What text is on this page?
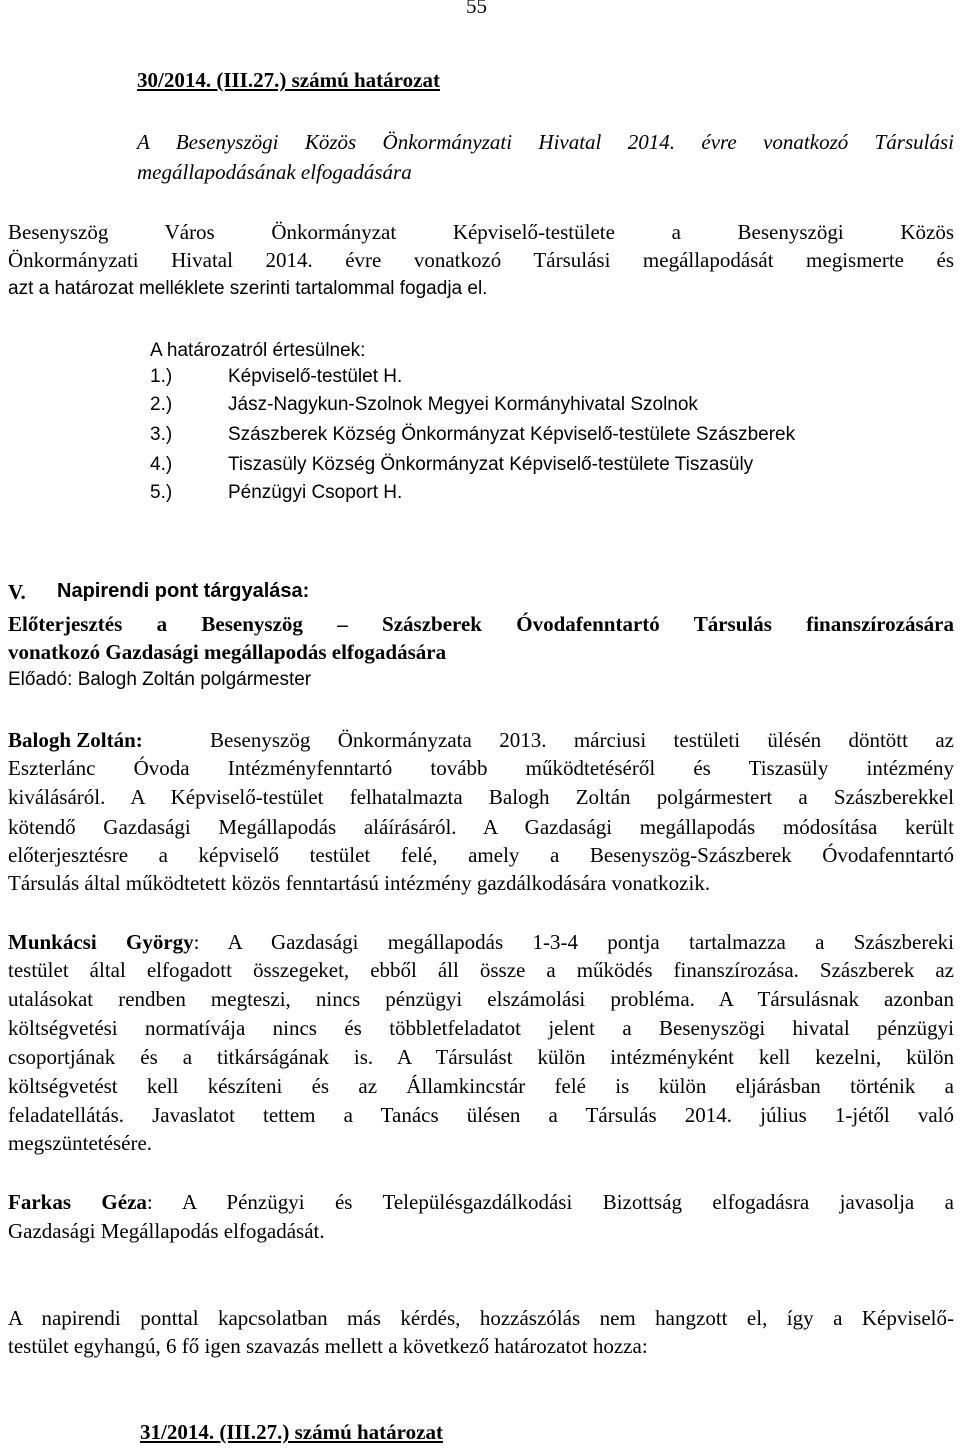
55
30/2014. (III.27.) számú határozat
A Besenyszögi Közös Önkormányzati Hivatal 2014. évre vonatkozó Társulási
megállapodásának elfogadására
Besenyszög Város Önkormányzat Képviselő-testülete a Besenyszögi Közös
Önkormányzati Hivatal 2014. évre vonatkozó Társulási megállapodását megismerte és
azt a határozat melléklete szerinti tartalommal fogadja el.
A határozatról értesülnek:
1.)	Képviselő-testület H.
2.)	Jász-Nagykun-Szolnok Megyei Kormányhivatal Szolnok
3.)	Szászberek Község Önkormányzat Képviselő-testülete Szászberek
4.)	Tiszasüly Község Önkormányzat Képviselő-testülete Tiszasüly
5.)	Pénzügyi Csoport H.
V. Napirendi pont tárgyalása:
Előterjesztés a Besenyszög – Szászberek Óvodafenntartó Társulás finanszírozására
vonatkozó Gazdasági megállapodás elfogadására
Előadó: Balogh Zoltán polgármester
Balogh Zoltán:	Besenyszög Önkormányzata 2013. márciusi testületi ülésén döntött az
Eszterlánc Óvoda Intézményfenntartó tovább működtetéséről és Tiszasüly intézmény
kiválásáról. A Képviselő-testület felhatalmazta Balogh Zoltán polgármestert a Szászberekkel
kötendő Gazdasági Megállapodás aláírásáról. A Gazdasági megállapodás módosítása került
előterjesztésre a képviselő testület felé, amely a Besenyszög-Szászberek Óvodafenntartó
Társulás által működtetett közös fenntartású intézmény gazdálkodására vonatkozik.
Munkácsi György: A Gazdasági megállapodás 1-3-4 pontja tartalmazza a Szászbereki
testület által elfogadott összegeket, ebből áll össze a működés finanszírozása. Szászberek az
utalásokat rendben megteszi, nincs pénzügyi elszámolási probléma. A Társulásnak azonban
költségvetési normatívája nincs és többletfeladatot jelent a Besenyszögi hivatal pénzügyi
csoportjának és a titkárságának is. A Társulást külön intézményként kell kezelni, külön
költségvetést kell készíteni és az Államkincstár felé is külön eljárásban történik a
feladatellátás. Javaslatot tettem a Tanács ülésen a Társulás 2014. július 1-jétől való
megszüntetésére.
Farkas Géza: A Pénzügyi és Településgazdálkodási Bizottság elfogadásra javasolja a
Gazdasági Megállapodás elfogadását.
A napirendi ponttal kapcsolatban más kérdés, hozzászólás nem hangzott el, így a Képviselő-
testület egyhangú, 6 fő igen szavazás mellett a következő határozatot hozza:
31/2014. (III.27.) számú határozat
